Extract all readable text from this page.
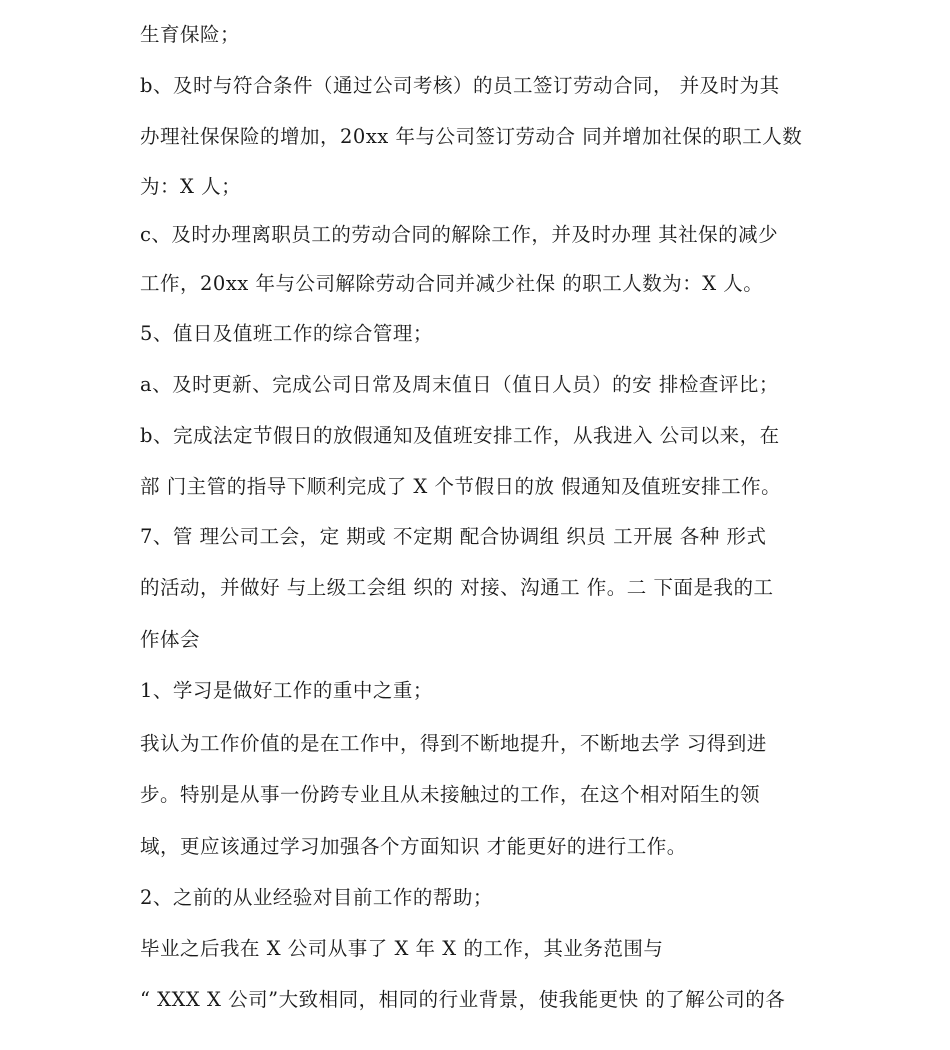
生育保险；

b、及时与符合条件（通过公司考核）的员工签订劳动合同， 并及时为其

办理社保保险的增加，20xx 年与公司签订劳动合 同并增加社保的职工人数

为：X 人；

c、及时办理离职员工的劳动合同的解除工作，并及时办理 其社保的减少

工作，20xx 年与公司解除劳动合同并减少社保 的职工人数为：X 人。

5、值日及值班工作的综合管理；

a、及时更新、完成公司日常及周末值日（值日人员）的安 排检查评比；

b、完成法定节假日的放假通知及值班安排工作，从我进入 公司以来，在

部 门主管的指导下顺利完成了 X 个节假日的放 假通知及值班安排工作。

7、管 理公司工会，定 期或 不定期 配合协调组 织员 工开展 各种 形式

的活动，并做好 与上级工会组 织的 对接、沟通工 作。二 下面是我的工

作体会

1、学习是做好工作的重中之重；

我认为工作价值的是在工作中，得到不断地提升，不断地去学 习得到进

步。特别是从事一份跨专业且从未接触过的工作，在这个相对陌生的领

域，更应该通过学习加强各个方面知识 才能更好的进行工作。

2、之前的从业经验对目前工作的帮助；

毕业之后我在 X 公司从事了 X 年 X 的工作，其业务范围与

“ XXX X 公司”大致相同，相同的行业背景，使我能更快 的了解公司的各
